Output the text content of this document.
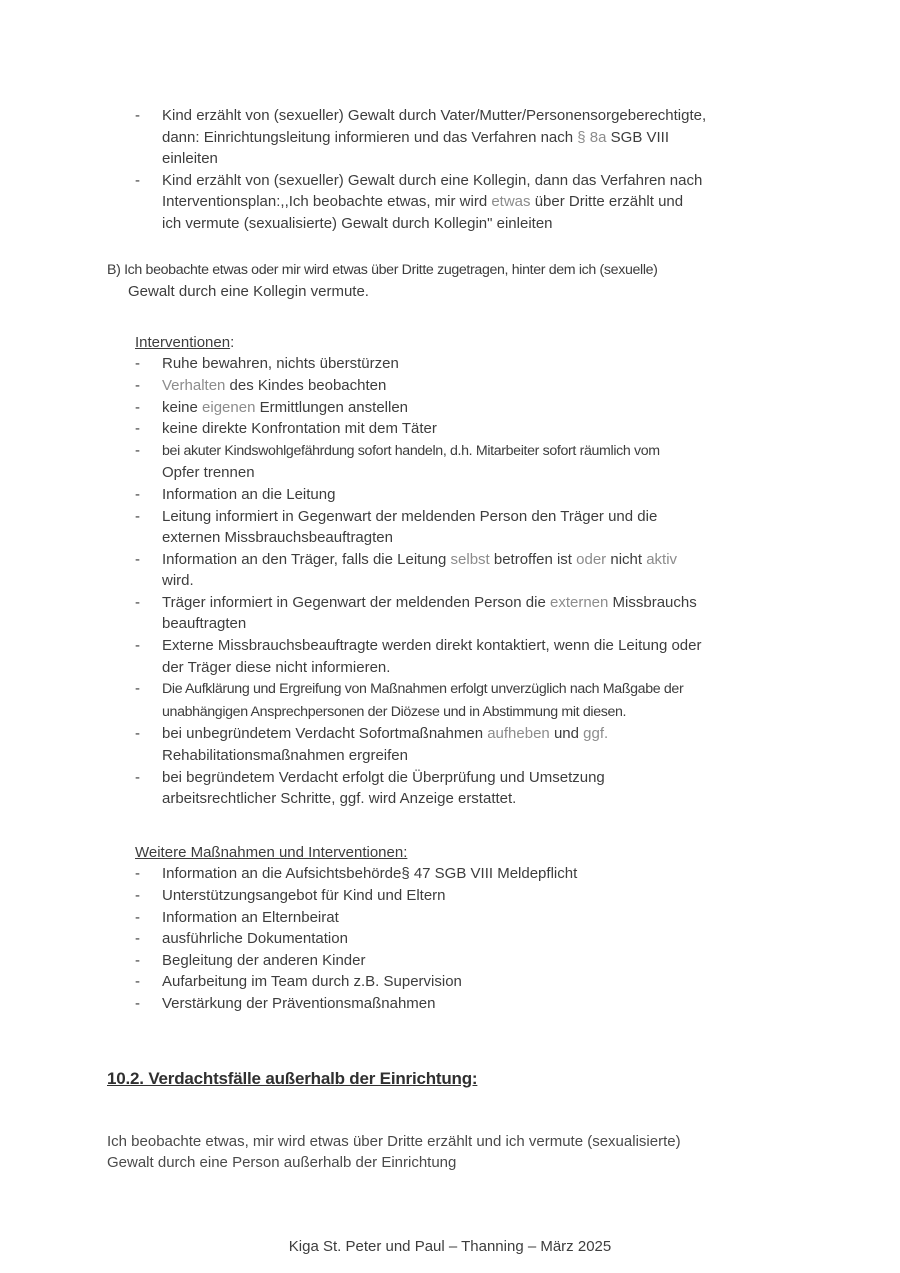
-	Kind erzählt von (sexueller) Gewalt durch Vater/Mutter/Personensorgeberechtigte,
dann: Einrichtungsleitung informieren und das Verfahren nach § 8a SGB VIII
einleiten
-	Kind erzählt von (sexueller) Gewalt durch eine Kollegin, dann das Verfahren nach
Interventionsplan:,,Ich beobachte etwas, mir wird etwas über Dritte erzählt und
ich vermute (sexualisierte) Gewalt durch Kollegin" einleiten
B) Ich beobachte etwas oder mir wird etwas über Dritte zugetragen, hinter dem ich (sexuelle)
Gewalt durch eine Kollegin vermute.
Interventionen:
-	Ruhe bewahren, nichts überstürzen
-	Verhalten des Kindes beobachten
-	keine eigenen Ermittlungen anstellen
-	keine direkte Konfrontation mit dem Täter
-	bei akuter Kindswohlgefährdung sofort handeln, d.h. Mitarbeiter sofort räumlich vom
Opfer trennen
-	Information an die Leitung
-	Leitung informiert in Gegenwart der meldenden Person den Träger und die
externen Missbrauchsbeauftragten
-	Information an den Träger, falls die Leitung selbst betroffen ist oder nicht aktiv
wird.
-	Träger informiert in Gegenwart der meldenden Person die externen Missbrauchs
beauftragten
-	Externe Missbrauchsbeauftragte werden direkt kontaktiert, wenn die Leitung oder
der Träger diese nicht informieren.
-	Die Aufklärung und Ergreifung von Maßnahmen erfolgt unverzüglich nach Maßgabe der
unabhängigen Ansprechpersonen der Diözese und in Abstimmung mit diesen.
-	bei unbegründetem Verdacht Sofortmaßnahmen aufheben und ggf.
Rehabilitationsmaßnahmen ergreifen
-	bei begründetem Verdacht erfolgt die Überprüfung und Umsetzung
arbeitsrechtlicher Schritte, ggf. wird Anzeige erstattet.
Weitere Maßnahmen und Interventionen:
-	Information an die Aufsichtsbehörde§ 47 SGB VIII Meldepflicht
-	Unterstützungsangebot für Kind und Eltern
-	Information an Elternbeirat
-	ausführliche Dokumentation
-	Begleitung der anderen Kinder
-	Aufarbeitung im Team durch z.B. Supervision
-	Verstärkung der Präventionsmaßnahmen
10.2. Verdachtsfälle außerhalb der Einrichtung:
Ich beobachte etwas, mir wird etwas über Dritte erzählt und ich vermute (sexualisierte)
Gewalt durch eine Person außerhalb der Einrichtung
Kiga St. Peter und Paul – Thanning – März 2025
